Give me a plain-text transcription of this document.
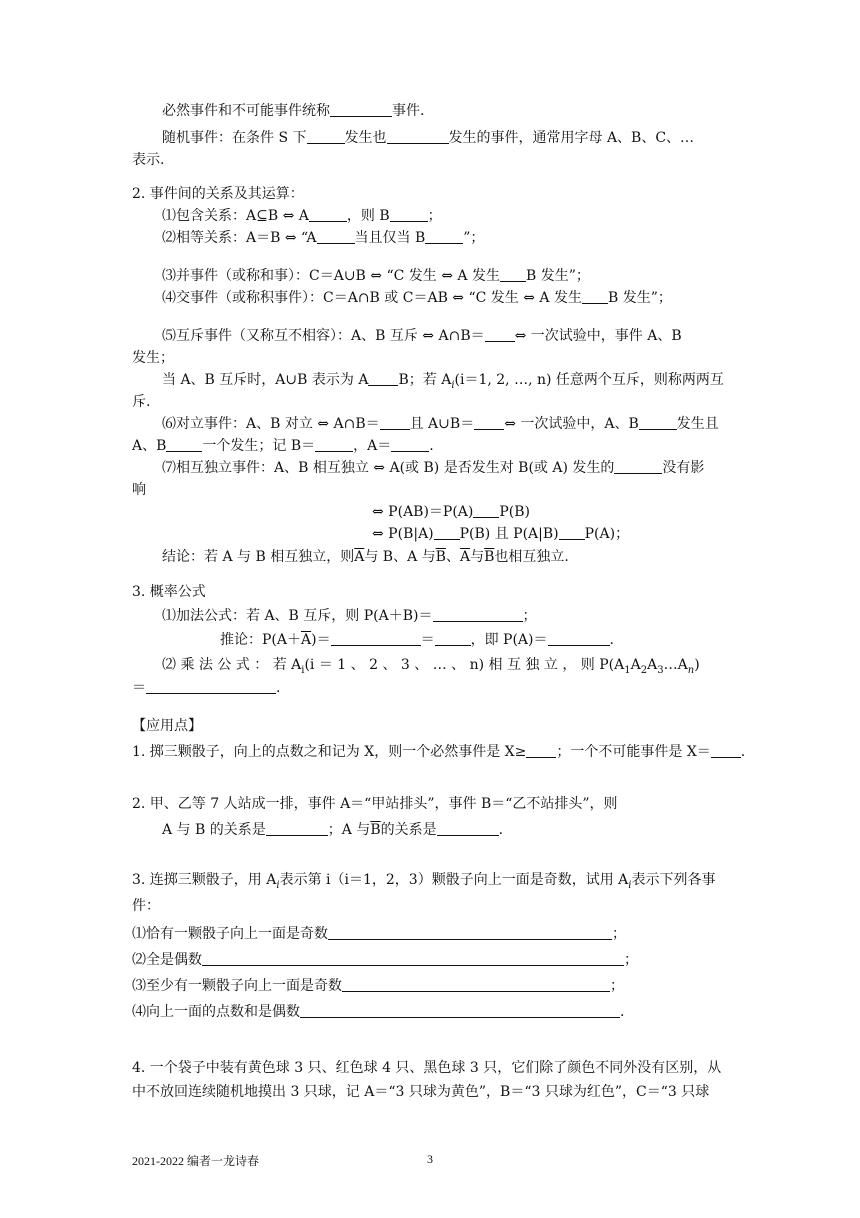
必然事件和不可能事件统称	事件.
随机事件：在条件 S 下	发生也	发生的事件，通常用字母 A、B、C、…
表示.
2. 事件间的关系及其运算：
⑴包含关系：A⊆B ⇔ A	，则 B	；
⑵相等关系：A＝B ⇔ “A	当且仅当 B	”；
⑶并事件（或称和事）：C＝A∪B ⇔ “C 发生 ⇔ A 发生 B 发生”；
⑷交事件（或称积事件）：C＝A∩B 或 C＝AB ⇔ “C 发生 ⇔ A 发生 B 发生”；
⑸互斥事件（又称互不相容）：A、B 互斥 ⇔ A∩B＝ ⇔ 一次试验中，事件 A、B
发生；
当 A、B 互斥时，A∪B 表示为 A B；若 $A_i(i=1$, 2, …, n) 任意两个互斥，则称两两互
斥.
⑹对立事件：A、B 对立 ⇔ A∩B＝ 且 A∪B＝ ⇔ 一次试验中，A、B	发生且
A、B	一个发生；记 B＝	，A＝	.
⑺相互独立事件：A、B 相互独立 ⇔ A(或 B) 是否发生对 B(或 A) 发生的	没有影
响
⇔ P(AB)＝P(A) P(B)
⇔ P(B|A) P(B) 且 P(A|B) P(A)；
结论：若 A 与 B 相互独立，则$\overline{A}$与 B、A 与$\overline{B}$、$\overline{A}$与$\overline{B}$也相互独立.
3. 概率公式
⑴加法公式：若 A、B 互斥，则 P(A＋B)＝	；
推论：$P(A+\overline{A})=$	＝	，即 P(A)＝	.
⑵ 乘 法 公 式 ： 若 $A_i(i = 1$ 、 2 、 3 、 … 、 n) 相 互 独 立 ， 则 $P(A_1A_2A_3\dots A_n)$
＝	.
【应用点】
1. 掷三颗骰子，向上的点数之和记为 X，则一个必然事件是 X≥ ；一个不可能事件是 X＝ .
2. 甲、乙等 7 人站成一排，事件 A＝“甲站排头”，事件 B＝“乙不站排头”，则
A 与 B 的关系是	；A 与$\overline{B}$的关系是	.
3. 连掷三颗骰子，用 $A_i$表示第 i（i＝1，2，3）颗骰子向上一面是奇数，试用 $A_i$表示下列各事
件：
⑴恰有一颗骰子向上一面是奇数	；
⑵全是偶数	；
⑶至少有一颗骰子向上一面是奇数	；
⑷向上一面的点数和是偶数	.
4. 一个袋子中装有黄色球 3 只、红色球 4 只、黑色球 3 只，它们除了颜色不同外没有区别，从
中不放回连续随机地摸出 3 只球，记 A＝“3 只球为黄色”，B＝“3 只球为红色”，C＝“3 只球
2021-2022 编者一龙诗春	3
